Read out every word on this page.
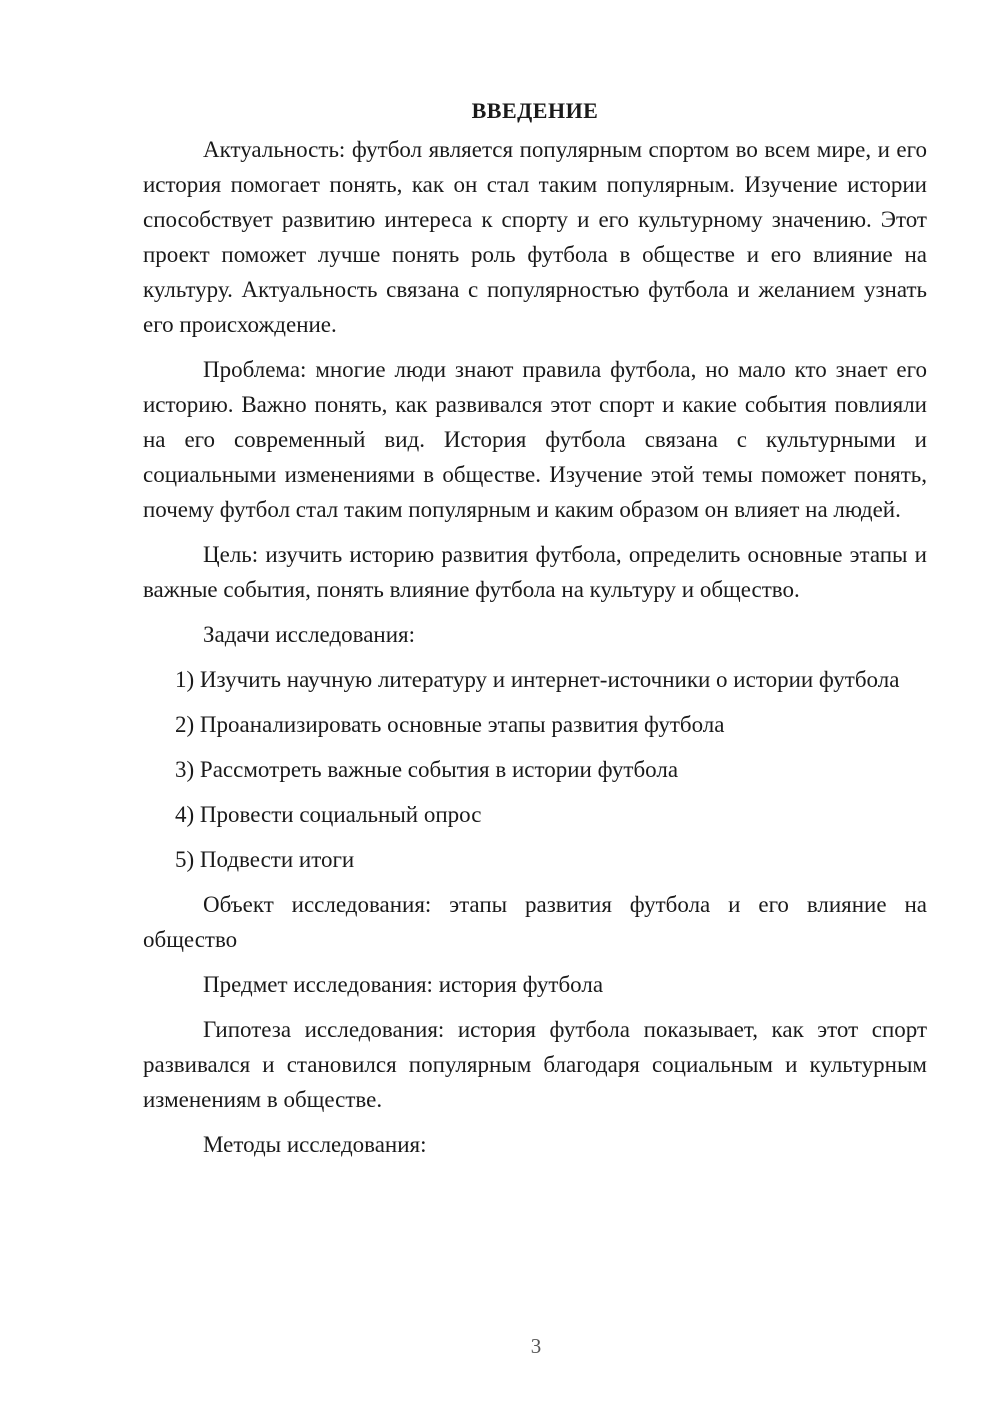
ВВЕДЕНИЕ

Актуальность: футбол является популярным спортом во всем мире, и его история помогает понять, как он стал таким популярным. Изучение истории способствует развитию интереса к спорту и его культурному значению. Этот проект поможет лучше понять роль футбола в обществе и его влияние на культуру. Актуальность связана с популярностью футбола и желанием узнать его происхождение.

Проблема: многие люди знают правила футбола, но мало кто знает его историю. Важно понять, как развивался этот спорт и какие события повлияли на его современный вид. История футбола связана с культурными и социальными изменениями в обществе. Изучение этой темы поможет понять, почему футбол стал таким популярным и каким образом он влияет на людей.

Цель: изучить историю развития футбола, определить основные этапы и важные события, понять влияние футбола на культуру и общество.

Задачи исследования:

1) Изучить научную литературу и интернет-источники о истории футбола
2) Проанализировать основные этапы развития футбола
3) Рассмотреть важные события в истории футбола
4) Провести социальный опрос
5) Подвести итоги

Объект исследования: этапы развития футбола и его влияние на общество

Предмет исследования: история футбола

Гипотеза исследования: история футбола показывает, как этот спорт развивался и становился популярным благодаря социальным и культурным изменениям в обществе.

Методы исследования:

3
